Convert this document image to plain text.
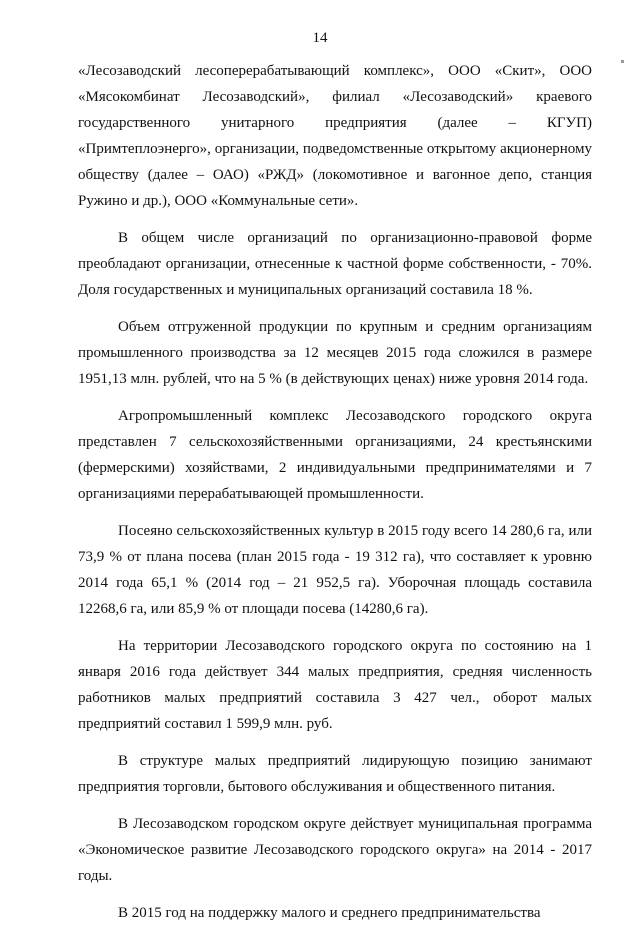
14

«Лесозаводский лесоперерабатывающий комплекс», ООО «Скит», ООО «Мясокомбинат Лесозаводский», филиал «Лесозаводский» краевого государственного унитарного предприятия (далее – КГУП) «Примтеплоэнерго», организации, подведомственные открытому акционерному обществу (далее – ОАО) «РЖД» (локомотивное и вагонное депо, станция Ружино и др.), ООО «Коммунальные сети».

В общем числе организаций по организационно-правовой форме преобладают организации, отнесенные к частной форме собственности, - 70%. Доля государственных и муниципальных организаций составила 18 %.

Объем отгруженной продукции по крупным и средним организациям промышленного производства за 12 месяцев 2015 года сложился в размере 1951,13 млн. рублей, что на 5 % (в действующих ценах) ниже уровня 2014 года.

Агропромышленный комплекс Лесозаводского городского округа представлен 7 сельскохозяйственными организациями, 24 крестьянскими (фермерскими) хозяйствами, 2 индивидуальными предпринимателями и 7 организациями перерабатывающей промышленности.

Посеяно сельскохозяйственных культур в 2015 году всего 14 280,6 га, или 73,9 % от плана посева (план 2015 года - 19 312 га), что составляет к уровню 2014 года 65,1 % (2014 год – 21 952,5 га). Уборочная площадь составила 12268,6 га, или 85,9 % от площади посева (14280,6 га).

На территории Лесозаводского городского округа по состоянию на 1 января 2016 года действует 344 малых предприятия, средняя численность работников малых предприятий составила 3 427 чел., оборот малых предприятий составил 1 599,9 млн. руб.

В структуре малых предприятий лидирующую позицию занимают предприятия торговли, бытового обслуживания и общественного питания.

В Лесозаводском городском округе действует муниципальная программа «Экономическое развитие Лесозаводского городского округа» на 2014 - 2017 годы.

В 2015 год на поддержку малого и среднего предпринимательства
